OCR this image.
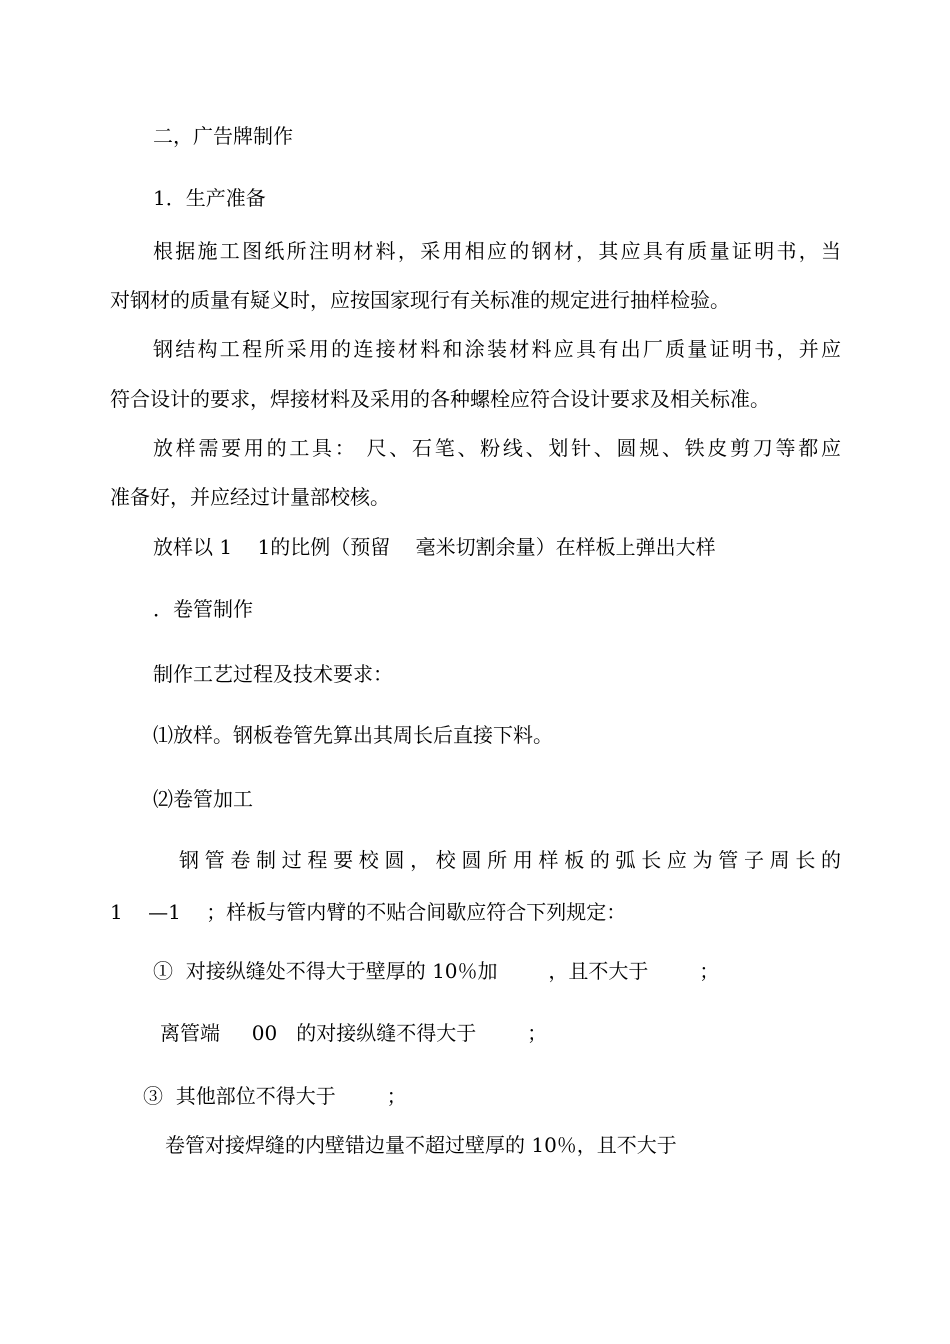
二，广告牌制作
1．生产准备
根据施工图纸所注明材料，采用相应的钢材，其应具有质量证明书，当
对钢材的质量有疑义时，应按国家现行有关标准的规定进行抽样检验。
钢结构工程所采用的连接材料和涂装材料应具有出厂质量证明书，并应
符合设计的要求，焊接材料及采用的各种螺栓应符合设计要求及相关标准。
放样需要用的工具： 尺、石笔、粉线、划针、圆规、铁皮剪刀等都应
准备好，并应经过计量部校核。
放样以 1    1的比例（预留    毫米切割余量）在样板上弹出大样
．卷管制作
制作工艺过程及技术要求：
⑴放样。钢板卷管先算出其周长后直接下料。
⑵卷管加工
钢管卷制过程要校圆，校圆所用样板的弧长应为管子周长的
1    —1    ；样板与管内臂的不贴合间歇应符合下列规定：
①  对接纵缝处不得大于壁厚的 10％加        ，且不大于        ；
离管端     00   的对接纵缝不得大于        ；
③  其他部位不得大于        ；
卷管对接焊缝的内壁错边量不超过壁厚的 10％，且不大于
